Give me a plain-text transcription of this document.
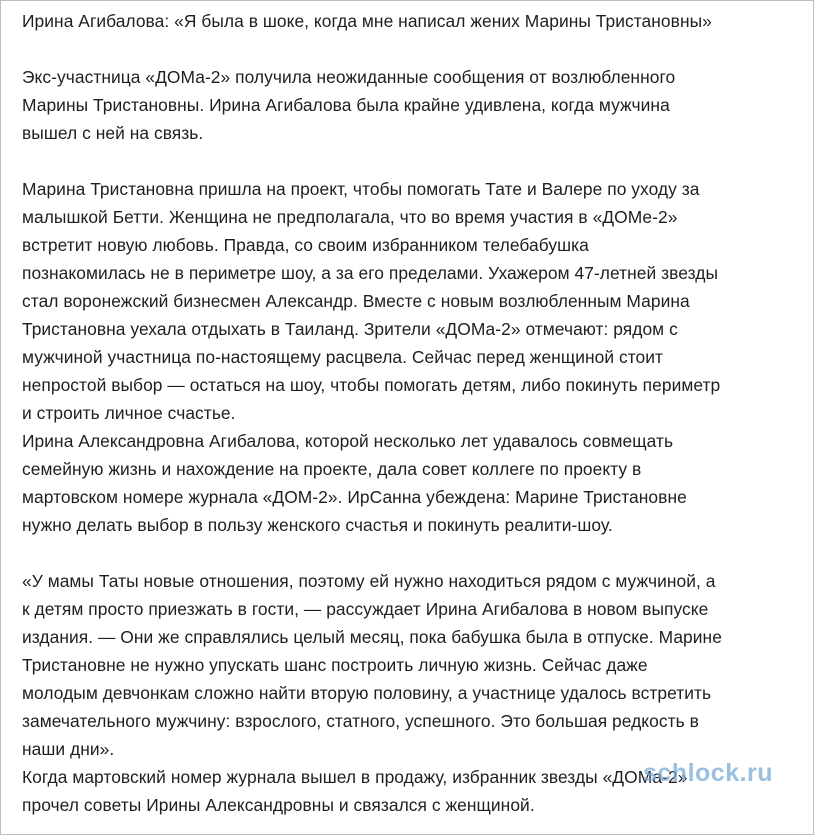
Ирина Агибалова: «Я была в шоке, когда мне написал жених Марины Тристановны»

Экс-участница «ДОМа-2» получила неожиданные сообщения от возлюбленного
Марины Тристановны. Ирина Агибалова была крайне удивлена, когда мужчина
вышел с ней на связь.

Марина Тристановна пришла на проект, чтобы помогать Тате и Валере по уходу за
малышкой Бетти. Женщина не предполагала, что во время участия в «ДОМе-2»
встретит новую любовь. Правда, со своим избранником телебабушка
познакомилась не в периметре шоу, а за его пределами. Ухажером 47-летней звезды
стал воронежский бизнесмен Александр. Вместе с новым возлюбленным Марина
Тристановна уехала отдыхать в Таиланд. Зрители «ДОМа-2» отмечают: рядом с
мужчиной участница по-настоящему расцвела. Сейчас перед женщиной стоит
непростой выбор — остаться на шоу, чтобы помогать детям, либо покинуть периметр
и строить личное счастье.

Ирина Александровна Агибалова, которой несколько лет удавалось совмещать
семейную жизнь и нахождение на проекте, дала совет коллеге по проекту в
мартовском номере журнала «ДОМ-2». ИрСанна убеждена: Марине Тристановне
нужно делать выбор в пользу женского счастья и покинуть реалити-шоу.

«У мамы Таты новые отношения, поэтому ей нужно находиться рядом с мужчиной, а
к детям просто приезжать в гости, — рассуждает Ирина Агибалова в новом выпуске
издания. — Они же справлялись целый месяц, пока бабушка была в отпуске. Марине
Тристановне не нужно упускать шанс построить личную жизнь. Сейчас даже
молодым девчонкам сложно найти вторую половину, а участнице удалось встретить
замечательного мужчину: взрослого, статного, успешного. Это большая редкость в
наши дни».

Когда мартовский номер журнала вышел в продажу, избранник звезды «ДОМа-2»
прочел советы Ирины Александровны и связался с женщиной.

schlock.ru
